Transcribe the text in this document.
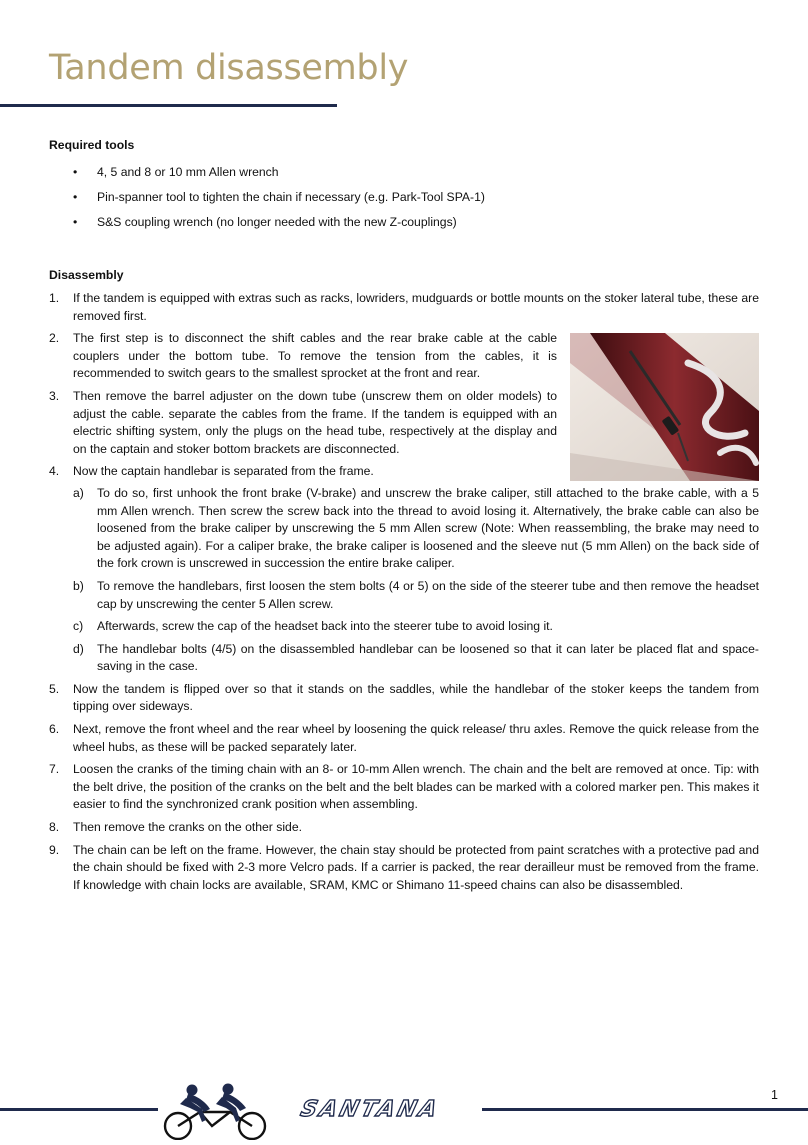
Tandem disassembly
Required tools
• 4, 5 and 8 or 10 mm Allen wrench
• Pin-spanner tool to tighten the chain if necessary (e.g. Park-Tool SPA-1)
• S&S coupling wrench (no longer needed with the new Z-couplings)
Disassembly
1. If the tandem is equipped with extras such as racks, lowriders, mudguards or bottle mounts on the stoker lateral tube, these are removed first.
2. The first step is to disconnect the shift cables and the rear brake cable at the cable couplers under the bottom tube. To remove the tension from the cables, it is recommended to switch gears to the smallest sprocket at the front and rear.
3. Then remove the barrel adjuster on the down tube (unscrew them on older models) to adjust the cable. separate the cables from the frame. If the tandem is equipped with an electric shifting system, only the plugs on the head tube, respectively at the display and on the captain and stoker bottom brackets are disconnected.
4. Now the captain handlebar is separated from the frame.
a) To do so, first unhook the front brake (V-brake) and unscrew the brake caliper, still attached to the brake cable, with a 5 mm Allen wrench. Then screw the screw back into the thread to avoid losing it. Alternatively, the brake cable can also be loosened from the brake caliper by unscrewing the 5 mm Allen screw (Note: When reassembling, the brake may need to be adjusted again). For a caliper brake, the brake caliper is loosened and the sleeve nut (5 mm Allen) on the back side of the fork crown is unscrewed in succession the entire brake caliper.
b) To remove the handlebars, first loosen the stem bolts (4 or 5) on the side of the steerer tube and then remove the headset cap by unscrewing the center 5 Allen screw.
c) Afterwards, screw the cap of the headset back into the steerer tube to avoid losing it.
d) The handlebar bolts (4/5) on the disassembled handlebar can be loosened so that it can later be placed flat and space-saving in the case.
5. Now the tandem is flipped over so that it stands on the saddles, while the handlebar of the stoker keeps the tandem from tipping over sideways.
6. Next, remove the front wheel and the rear wheel by loosening the quick release/ thru axles. Remove the quick release from the wheel hubs, as these will be packed separately later.
7. Loosen the cranks of the timing chain with an 8- or 10-mm Allen wrench. The chain and the belt are removed at once. Tip: with the belt drive, the position of the cranks on the belt and the belt blades can be marked with a colored marker pen. This makes it easier to find the synchronized crank position when assembling.
8. Then remove the cranks on the other side.
9. The chain can be left on the frame. However, the chain stay should be protected from paint scratches with a protective pad and the chain should be fixed with 2-3 more Velcro pads. If a carrier is packed, the rear derailleur must be removed from the frame. If knowledge with chain locks are available, SRAM, KMC or Shimano 11-speed chains can also be disassembled.
SANTANA
1
